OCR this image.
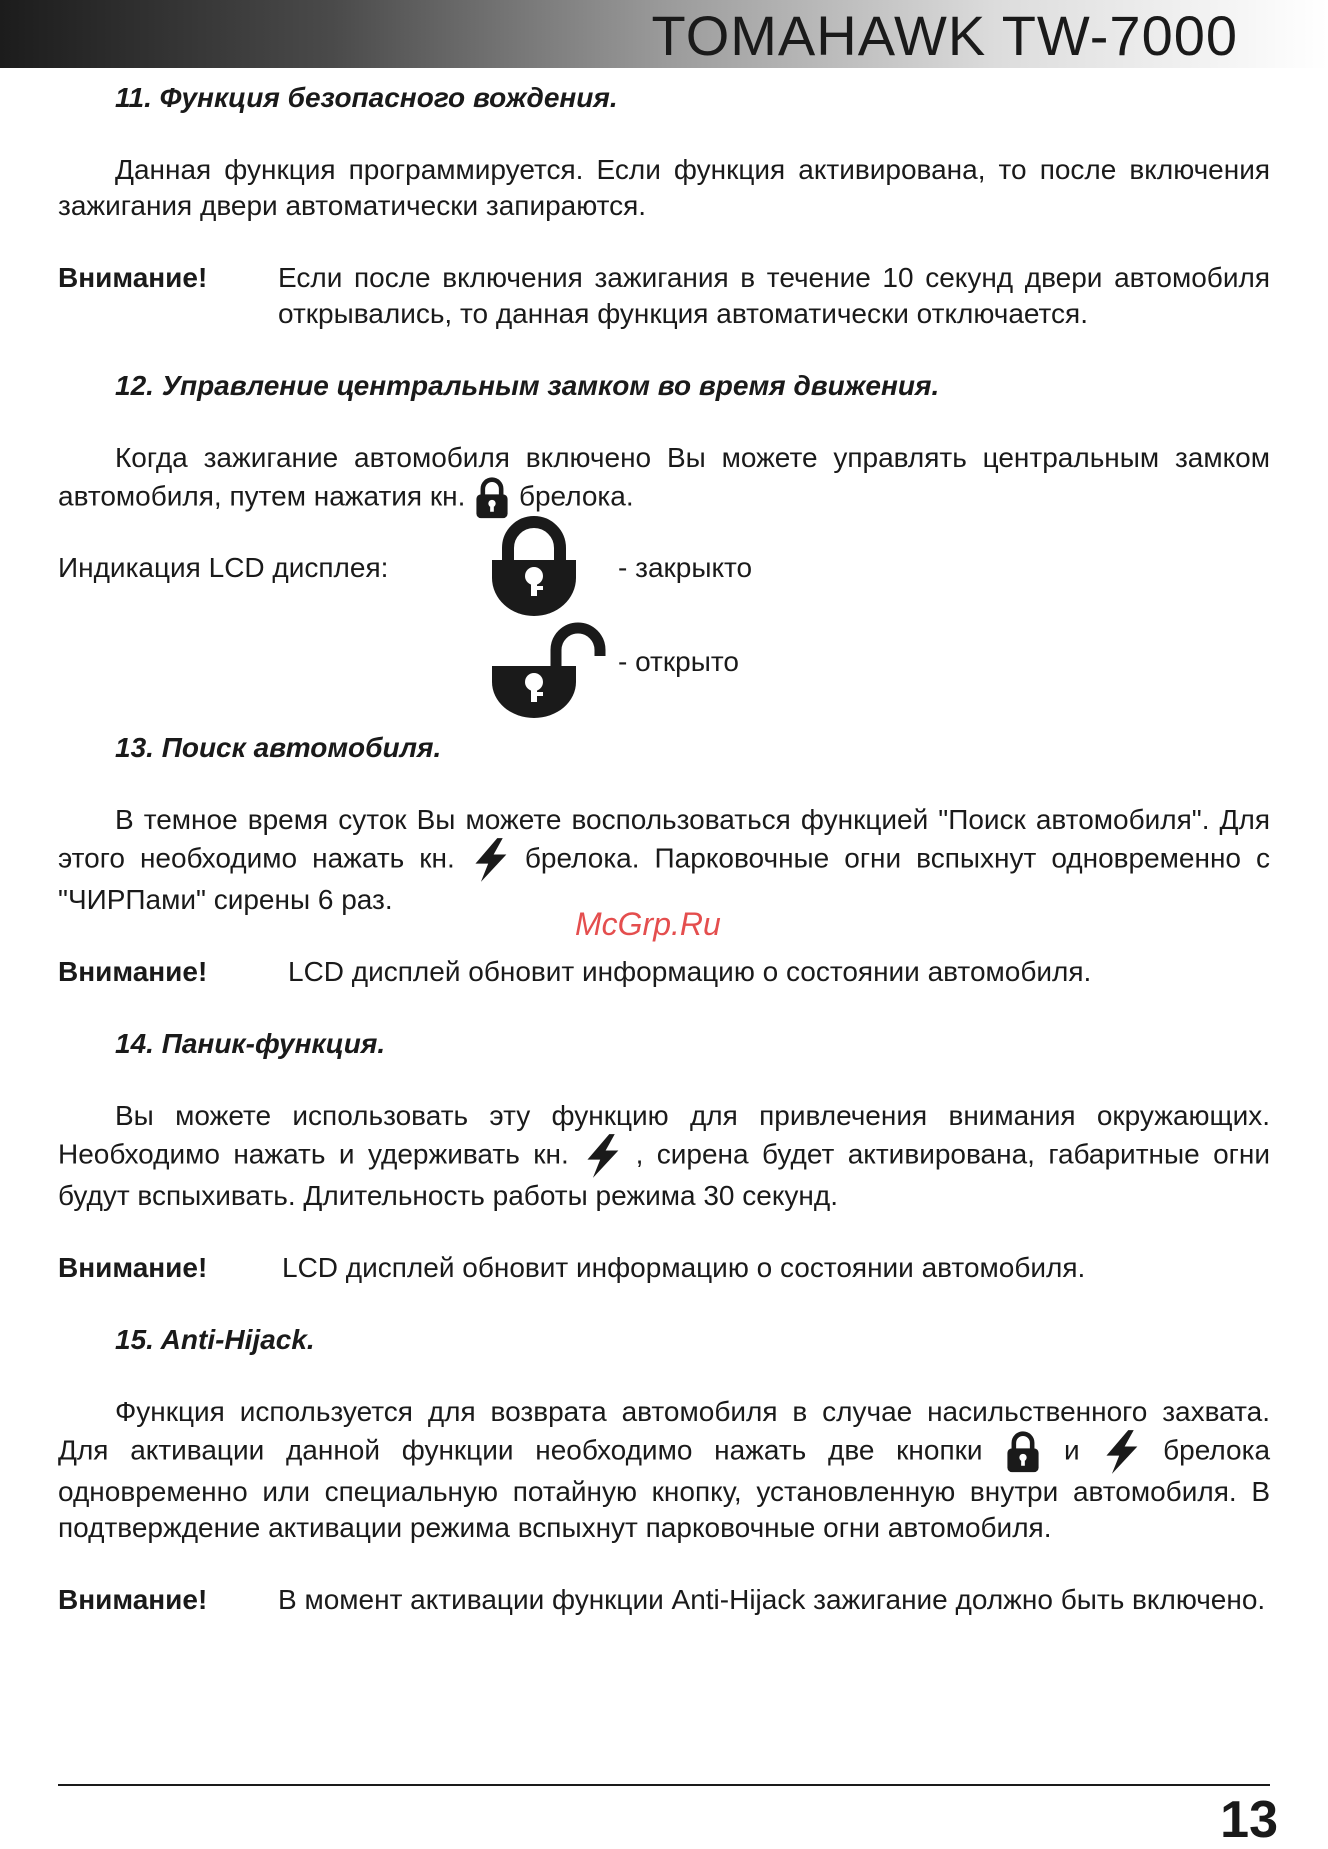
TOMAHAWK TW-7000
11. Функция безопасного вождения.

Данная функция программируется. Если функция активирована, то после включения зажигания двери автоматически запираются.

Внимание!	Если после включения зажигания в течение 10 секунд двери автомобиля открывались, то данная функция автоматически отключается.
12. Управление центральным замком во время движения.

Когда зажигание автомобиля включено Вы можете управлять центральным замком автомобиля, путем нажатия кн. брелока.

Индикация LCD дисплея:	- закрыкто
- открыто
13. Поиск автомобиля.

В темное время суток Вы можете воспользоваться функцией "Поиск автомобиля". Для этого необходимо нажать кн.	брелока. Парковочные огни вспыхнут одновременно с "ЧИРПами" сирены 6 раз.

Внимание!	LCD дисплей обновит информацию о состоянии автомобиля.
14. Паник-функция.

Вы можете использовать эту функцию для привлечения внимания окружающих. Необходимо нажать и удерживать кн. , сирена будет активирована, габаритные огни будут вспыхивать. Длительность работы режима 30 секунд.

Внимание!	LCD дисплей обновит информацию о состоянии автомобиля.
15. Anti-Hijack.

Функция используется для возврата автомобиля в случае насильственного захвата. Для активации данной функции необходимо нажать две кнопки	и	брелока одновременно или специальную потайную кнопку, установленную внутри автомобиля. В подтверждение активации режима вспыхнут парковочные огни автомобиля.

Внимание!	В момент активации функции Anti-Hijack зажигание должно быть включено.
McGrp.Ru
13
